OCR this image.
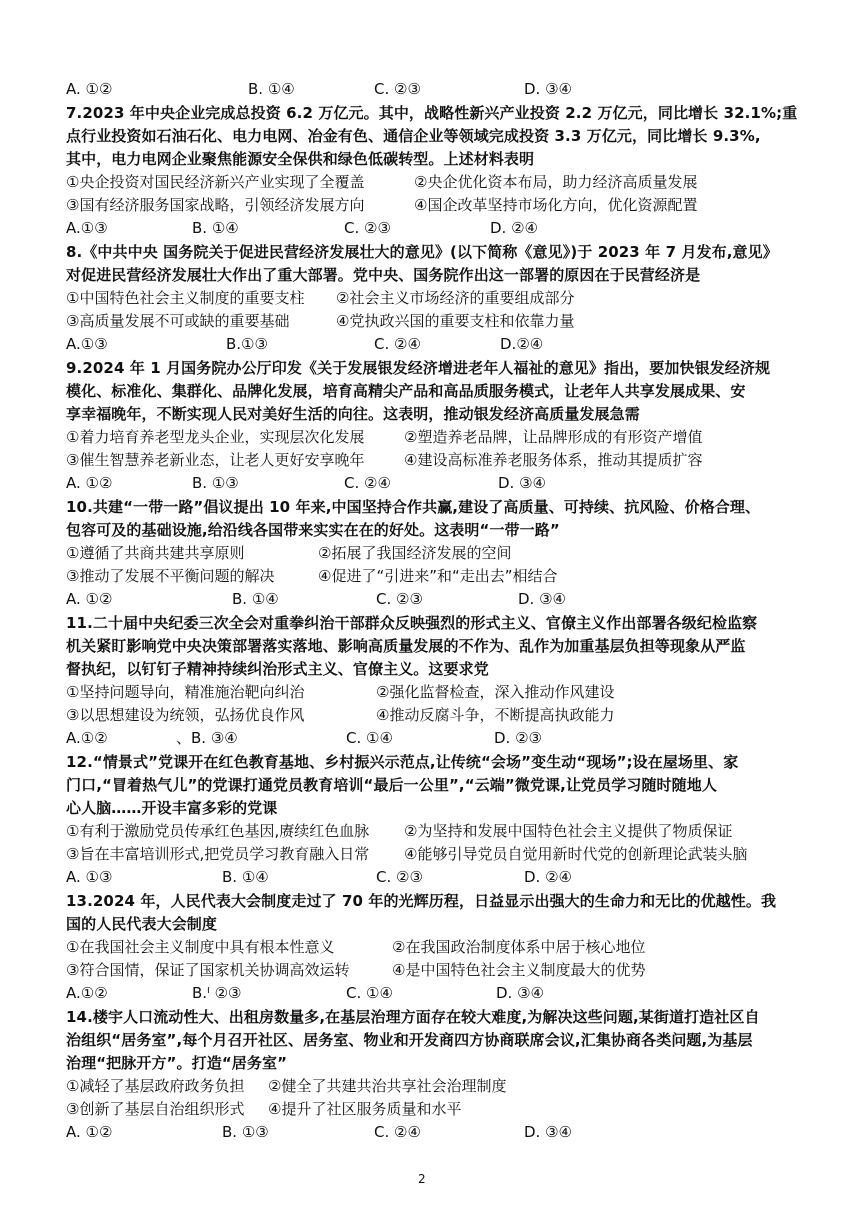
A. ①②	B. ①④	C. ②③	D. ③④
7.2023 年中央企业完成总投资 6.2 万亿元。其中，战略性新兴产业投资 2.2 万亿元，同比增长 32.1%;重
点行业投资如石油石化、电力电网、冶金有色、通信企业等领域完成投资 3.3 万亿元，同比增长 9.3%,
其中，电力电网企业聚焦能源安全保供和绿色低碳转型。上述材料表明
①央企投资对国民经济新兴产业实现了全覆盖	②央企优化资本布局，助力经济高质量发展
③国有经济服务国家战略，引领经济发展方向	④国企改革坚持市场化方向，优化资源配置
A.①③	B. ①④	C. ②③	D. ②④
8.《中共中央 国务院关于促进民营经济发展壮大的意见》(以下简称《意见》)于 2023 年 7 月发布,意见》
对促进民营经济发展壮大作出了重大部署。党中央、国务院作出这一部署的原因在于民营经济是
①中国特色社会主义制度的重要支柱 ②社会主义市场经济的重要组成部分
③高质量发展不可或缺的重要基础	④党执政兴国的重要支柱和依靠力量
A.①③	B.①③	C. ②④	D.②④
9.2024 年 1 月国务院办公厅印发《关于发展银发经济增进老年人福祉的意见》指出，要加快银发经济规
模化、标准化、集群化、品牌化发展，培育高精尖产品和高品质服务模式，让老年人共享发展成果、安
享幸福晚年，不断实现人民对美好生活的向往。这表明，推动银发经济高质量发展急需
①着力培育养老型龙头企业，实现层次化发展	②塑造养老品牌，让品牌形成的有形资产增值
③催生智慧养老新业态，让老人更好安享晚年	④建设高标准养老服务体系，推动其提质扩容
A. ①②	B. ①③	C. ②④	D. ③④
10.共建“一带一路”倡议提出 10 年来,中国坚持合作共赢,建设了高质量、可持续、抗风险、价格合理、
包容可及的基础设施,给沿线各国带来实实在在的好处。这表明“一带一路”
①遵循了共商共建共享原则	②拓展了我国经济发展的空间
③推动了发展不平衡问题的解决	④促进了“引进来”和“走出去”相结合
A. ①②	B. ①④	C. ②③	D. ③④
11.二十届中央纪委三次全会对重拳纠治干部群众反映强烈的形式主义、官僚主义作出部署各级纪检监察
机关紧盯影响党中央决策部署落实落地、影响高质量发展的不作为、乱作为加重基层负担等现象从严监
督执纪，以钉钉子精神持续纠治形式主义、官僚主义。这要求党
①坚持问题导向，精准施治靶向纠治	②强化监督检查，深入推动作风建设
③以思想建设为统领，弘扬优良作风	④推动反腐斗争，不断提高执政能力
A.①②	、B. ③④	C. ①④	D. ②③
12.“情景式”党课开在红色教育基地、乡村振兴示范点,让传统“会场”变生动“现场”;设在屋场里、家
门口,“冒着热气儿”的党课打通党员教育培训“最后一公里”,“云端”微党课,让党员学习随时随地人
心人脑……开设丰富多彩的党课
①有利于激励党员传承红色基因,赓续红色血脉 ②为坚持和发展中国特色社会主义提供了物质保证
③旨在丰富培训形式,把党员学习教育融入日常 ④能够引导党员自觉用新时代党的创新理论武装头脑
A. ①③	B. ①④	C. ②③	D. ②④
13.2024 年，人民代表大会制度走过了 70 年的光辉历程，日益显示出强大的生命力和无比的优越性。我
国的人民代表大会制度
①在我国社会主义制度中具有根本性意义	②在我国政治制度体系中居于核心地位
③符合国情，保证了国家机关协调高效运转	④是中国特色社会主义制度最大的优势
A.①②	B.ᴵ ②③	C. ①④	D. ③④
14.楼宇人口流动性大、出租房数量多,在基层治理方面存在较大难度,为解决这些问题,某街道打造社区自
治组织“居务室”,每个月召开社区、居务室、物业和开发商四方协商联席会议,汇集协商各类问题,为基层
治理“把脉开方”。打造“居务室”
①减轻了基层政府政务负担 ②健全了共建共治共享社会治理制度
③创新了基层自治组织形式 ④提升了社区服务质量和水平
A. ①②	B. ①③	C. ②④	D. ③④
2
